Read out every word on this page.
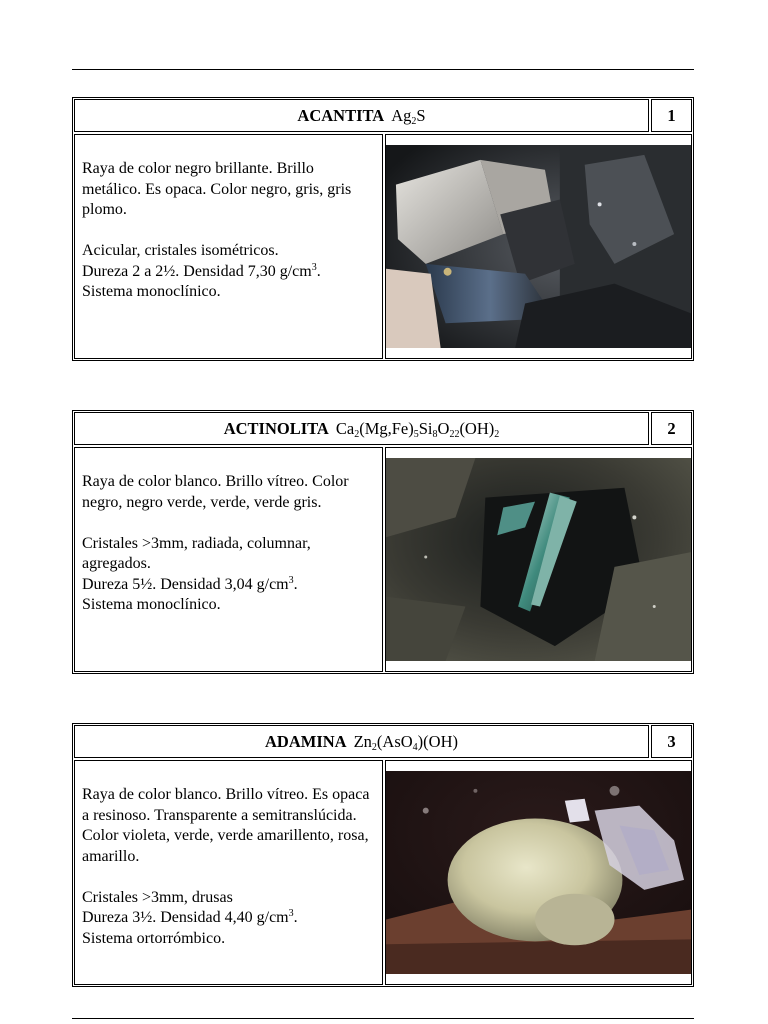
ACANTITA $Ag_2S$	1

Raya de color negro brillante. Brillo metálico. Es opaca. Color negro, gris, gris plomo.

Acicular, cristales isométricos.
Dureza 2 a 2½. Densidad 7,30 $g/cm^3$.
Sistema monoclínico.
ACTINOLITA $Ca_2(Mg,Fe)_5Si_8O_{22}(OH)_2$	2

Raya de color blanco. Brillo vítreo. Color negro, negro verde, verde, verde gris.

Cristales >3mm, radiada, columnar, agregados.
Dureza 5½. Densidad 3,04 $g/cm^3$.
Sistema monoclínico.
ADAMINA $Zn_2(AsO_4)(OH)$	3

Raya de color blanco. Brillo vítreo. Es opaca a resinoso. Transparente a semitranslúcida. Color violeta, verde, verde amarillento, rosa, amarillo.

Cristales >3mm, drusas
Dureza 3½. Densidad 4,40 $g/cm^3$.
Sistema ortorrómbico.
